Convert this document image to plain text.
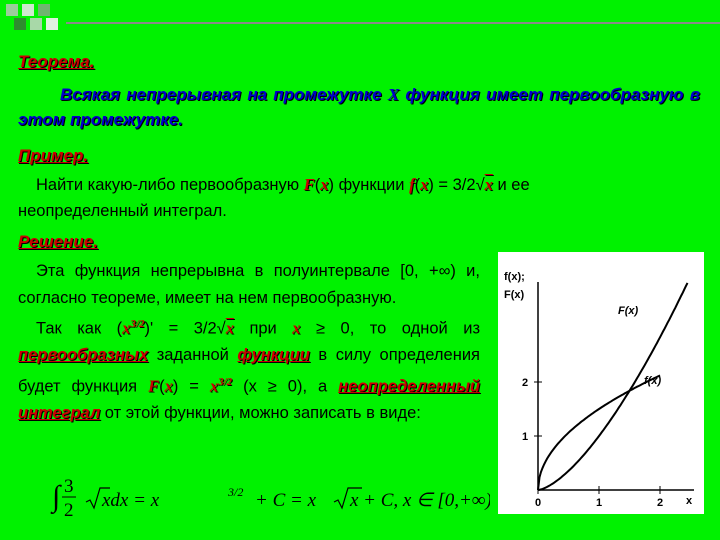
Теорема.
Всякая непрерывная на промежутке X функция имеет первообразную в этом промежутке.
Пример.
Найти какую-либо первообразную F(x) функции f(x) = 3/2√x и ее
неопределенный интеграл.
Решение.
Эта функция непрерывна в полуинтервале [0, +∞) и, согласно теореме, имеет на нем первообразную.
Так как $(x^{3/2})' = 3/2√x$ при x ≥ 0, то одной из первообразных заданной функции в силу определения будет функция $F(x) = x^{3/2}$ (x ≥ 0), а неопределенный интеграл от этой функции, можно записать в виде:
∫ 3
2 xdx = x	3/2 + C = x x + C, x ∈ [0,+∞).
f(x);
F(x)
x
1
2
0	1	2
F(x)
f(x)
